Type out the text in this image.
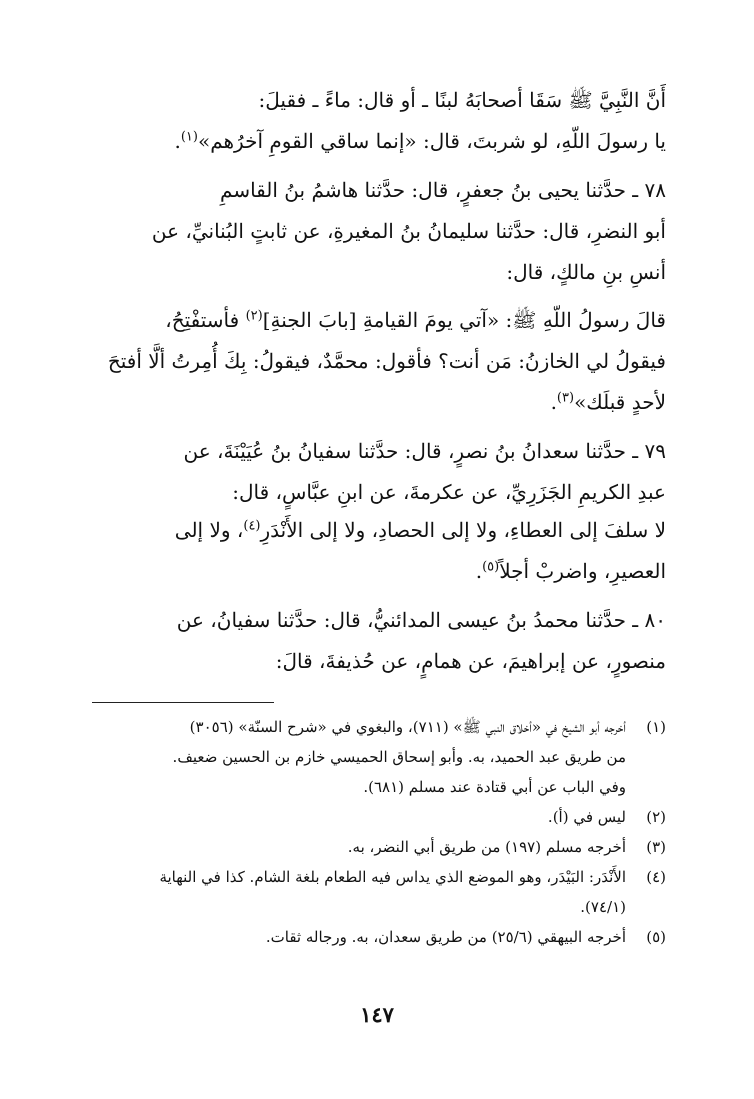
أَنَّ النَّبِيَّ ﷺ سَقَا أصحابَهُ لبنًا ـ أو قال: ماءً ـ فقيلَ:
يا رسولَ اللّهِ، لو شربتَ، قال: «إنما ساقي القومِ آخرُهم»$^{(١)}$.

٧٨ ـ حدَّثنا يحيى بنُ جعفرٍ، قال: حدَّثنا هاشمُ بنُ القاسمِ
أبو النضرِ، قال: حدَّثنا سليمانُ بنُ المغيرةِ، عن ثابتٍ البُنانيِّ، عن
أنسِ بنِ مالكٍ، قال:

قالَ رسولُ اللّهِ ﷺ: «آتي يومَ القيامةِ [بابَ الجنةِ]$^{(٢)}$ فأستفْتِحُ،
فيقولُ لي الخازنُ: مَن أنت؟ فأقول: محمَّدٌ، فيقولُ: بِكَ أُمِرتُ ألَّا أفتحَ
لأحدٍ قبلَك»$^{(٣)}$.

٧٩ ـ حدَّثنا سعدانُ بنُ نصرٍ، قال: حدَّثنا سفيانُ بنُ عُيَيْنَةَ، عن
عبدِ الكريمِ الجَزَرِيِّ، عن عكرمةَ، عن ابنِ عبَّاسٍ، قال:

لا سلفَ إلى العطاءِ، ولا إلى الحصادِ، ولا إلى الأَنْدَرِ$^{(٤)}$، ولا إلى
العصيرِ، واضربْ أجلاً$^{(٥)}$.

٨٠ ـ حدَّثنا محمدُ بنُ عيسى المدائنيُّ، قال: حدَّثنا سفيانُ، عن
منصورٍ، عن إبراهيمَ، عن همامٍ، عن حُذيفةَ، قالَ:

(١)
أخرجه أبو الشيخ في «أخلاق النبي ﷺ» (٧١١)، والبغوي في «شرح السنّة» (٣٠٥٦)
من طريق عبد الحميد، به. وأبو إسحاق الحميسي خازم بن الحسين ضعيف.
وفي الباب عن أبي قتادة عند مسلم (٦٨١).
(٢)
ليس في (أ).
(٣)
أخرجه مسلم (١٩٧) من طريق أبي النضر، به.
(٤)
الأَنْدَر: البَيْدَر، وهو الموضع الذي يداس فيه الطعام بلغة الشام. كذا في النهاية
(٧٤/١).
(٥)
أخرجه البيهقي (٢٥/٦) من طريق سعدان، به. ورجاله ثقات.
١٤٧
